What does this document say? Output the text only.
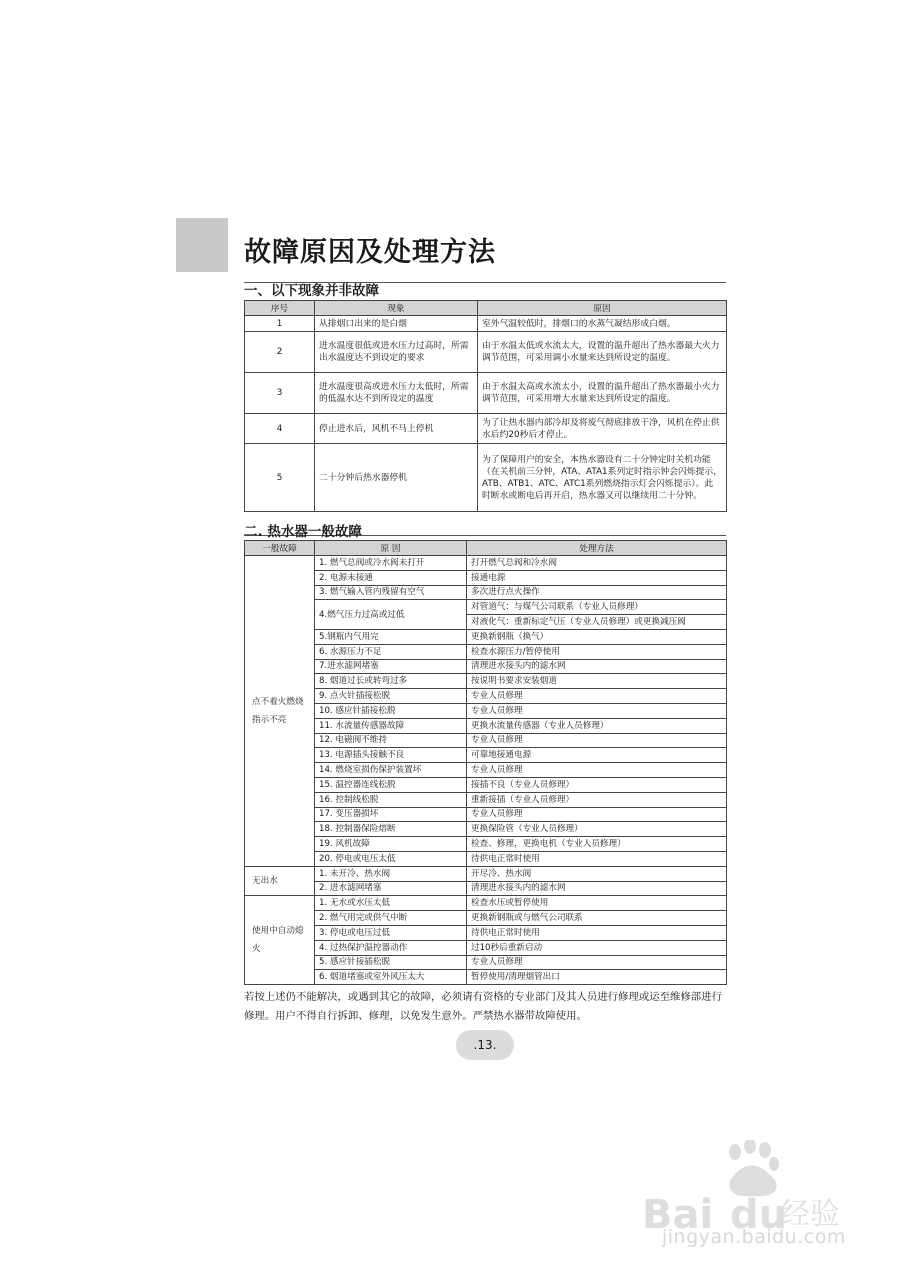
故障原因及处理方法
一、以下现象并非故障
序号	现象	原因
1	从排烟口出来的是白烟	室外气温较低时，排烟口的水蒸气凝结形成白烟。
2	进水温度很低或进水压力过高时，所需出水温度达不到设定的要求	由于水温太低或水流太大，设置的温升超出了热水器最大火力调节范围，可采用调小水量来达到所设定的温度。
3	进水温度很高或进水压力太低时，所需的低温水达不到所设定的温度	由于水温太高或水流太小，设置的温升超出了热水器最小火力调节范围，可采用增大水量来达到所设定的温度。
4	停止进水后，风机不马上停机	为了让热水器内部冷却及将废气彻底排放干净，风机在停止供水后约20秒后才停止。
5	二十分钟后热水器停机	为了保障用户的安全，本热水器设有二十分钟定时关机功能（在关机前三分钟，ATA、ATA1系列定时指示钟会闪烁提示，ATB、ATB1、ATC、ATC1系列燃烧指示灯会闪烁提示）。此时断水或断电后再开启，热水器又可以继续用二十分钟。
二. 热水器一般故障
一般故障	原 因	处理方法
点不着火燃烧指示不亮	1. 燃气总阀或冷水阀未打开	打开燃气总阀和冷水阀
	2. 电源未接通	接通电源
	3. 燃气输入管内残留有空气	多次进行点火操作
	4.燃气压力过高或过低	对管道气：与煤气公司联系（专业人员修理）
		对液化气：重新标定气压（专业人员修理）或更换减压阀
	5.钢瓶内气用完	更换新钢瓶（换气）
	6. 水源压力不足	检查水源压力/暂停使用
	7.进水滤网堵塞	清理进水接头内的滤水网
	8. 烟道过长或转弯过多	按说明书要求安装烟道
	9. 点火针插接松脱	专业人员修理
	10. 感应针插接松脱	专业人员修理
	11. 水流量传感器故障	更换水流量传感器（专业人员修理）
	12. 电磁阀不维持	专业人员修理
	13. 电源插头接触不良	可靠地接通电源
	14. 燃烧室损伤保护装置坏	专业人员修理
	15. 温控器连线松脱	接插不良（专业人员修理）
	16. 控制线松脱	重新接插（专业人员修理）
	17. 变压器损坏	专业人员修理
	18. 控制器保险熔断	更换保险管（专业人员修理）
	19. 风机故障	检查、修理，更换电机（专业人员修理）
	20. 停电或电压太低	待供电正常时使用
无出水	1. 未开冷、热水阀	开尽冷、热水阀
	2. 进水滤网堵塞	清理进水接头内的滤水网
使用中自动熄火	1. 无水或水压太低	检查水压或暂停使用
	2. 燃气用完或供气中断	更换新钢瓶或与燃气公司联系
	3. 停电或电压过低	待供电正常时使用
	4. 过热保护温控器动作	过10秒后重新启动
	5. 感应针接插松脱	专业人员修理
	6. 烟道堵塞或室外风压太大	暂停使用/清理烟管出口

若按上述仍不能解决，或遇到其它的故障，必须请有资格的专业部门及其人员进行修理或运至维修部进行修理。用户不得自行拆卸、修理，以免发生意外。严禁热水器带故障使用。

.13.
Bai du
经验

jingyan.baidu.com
